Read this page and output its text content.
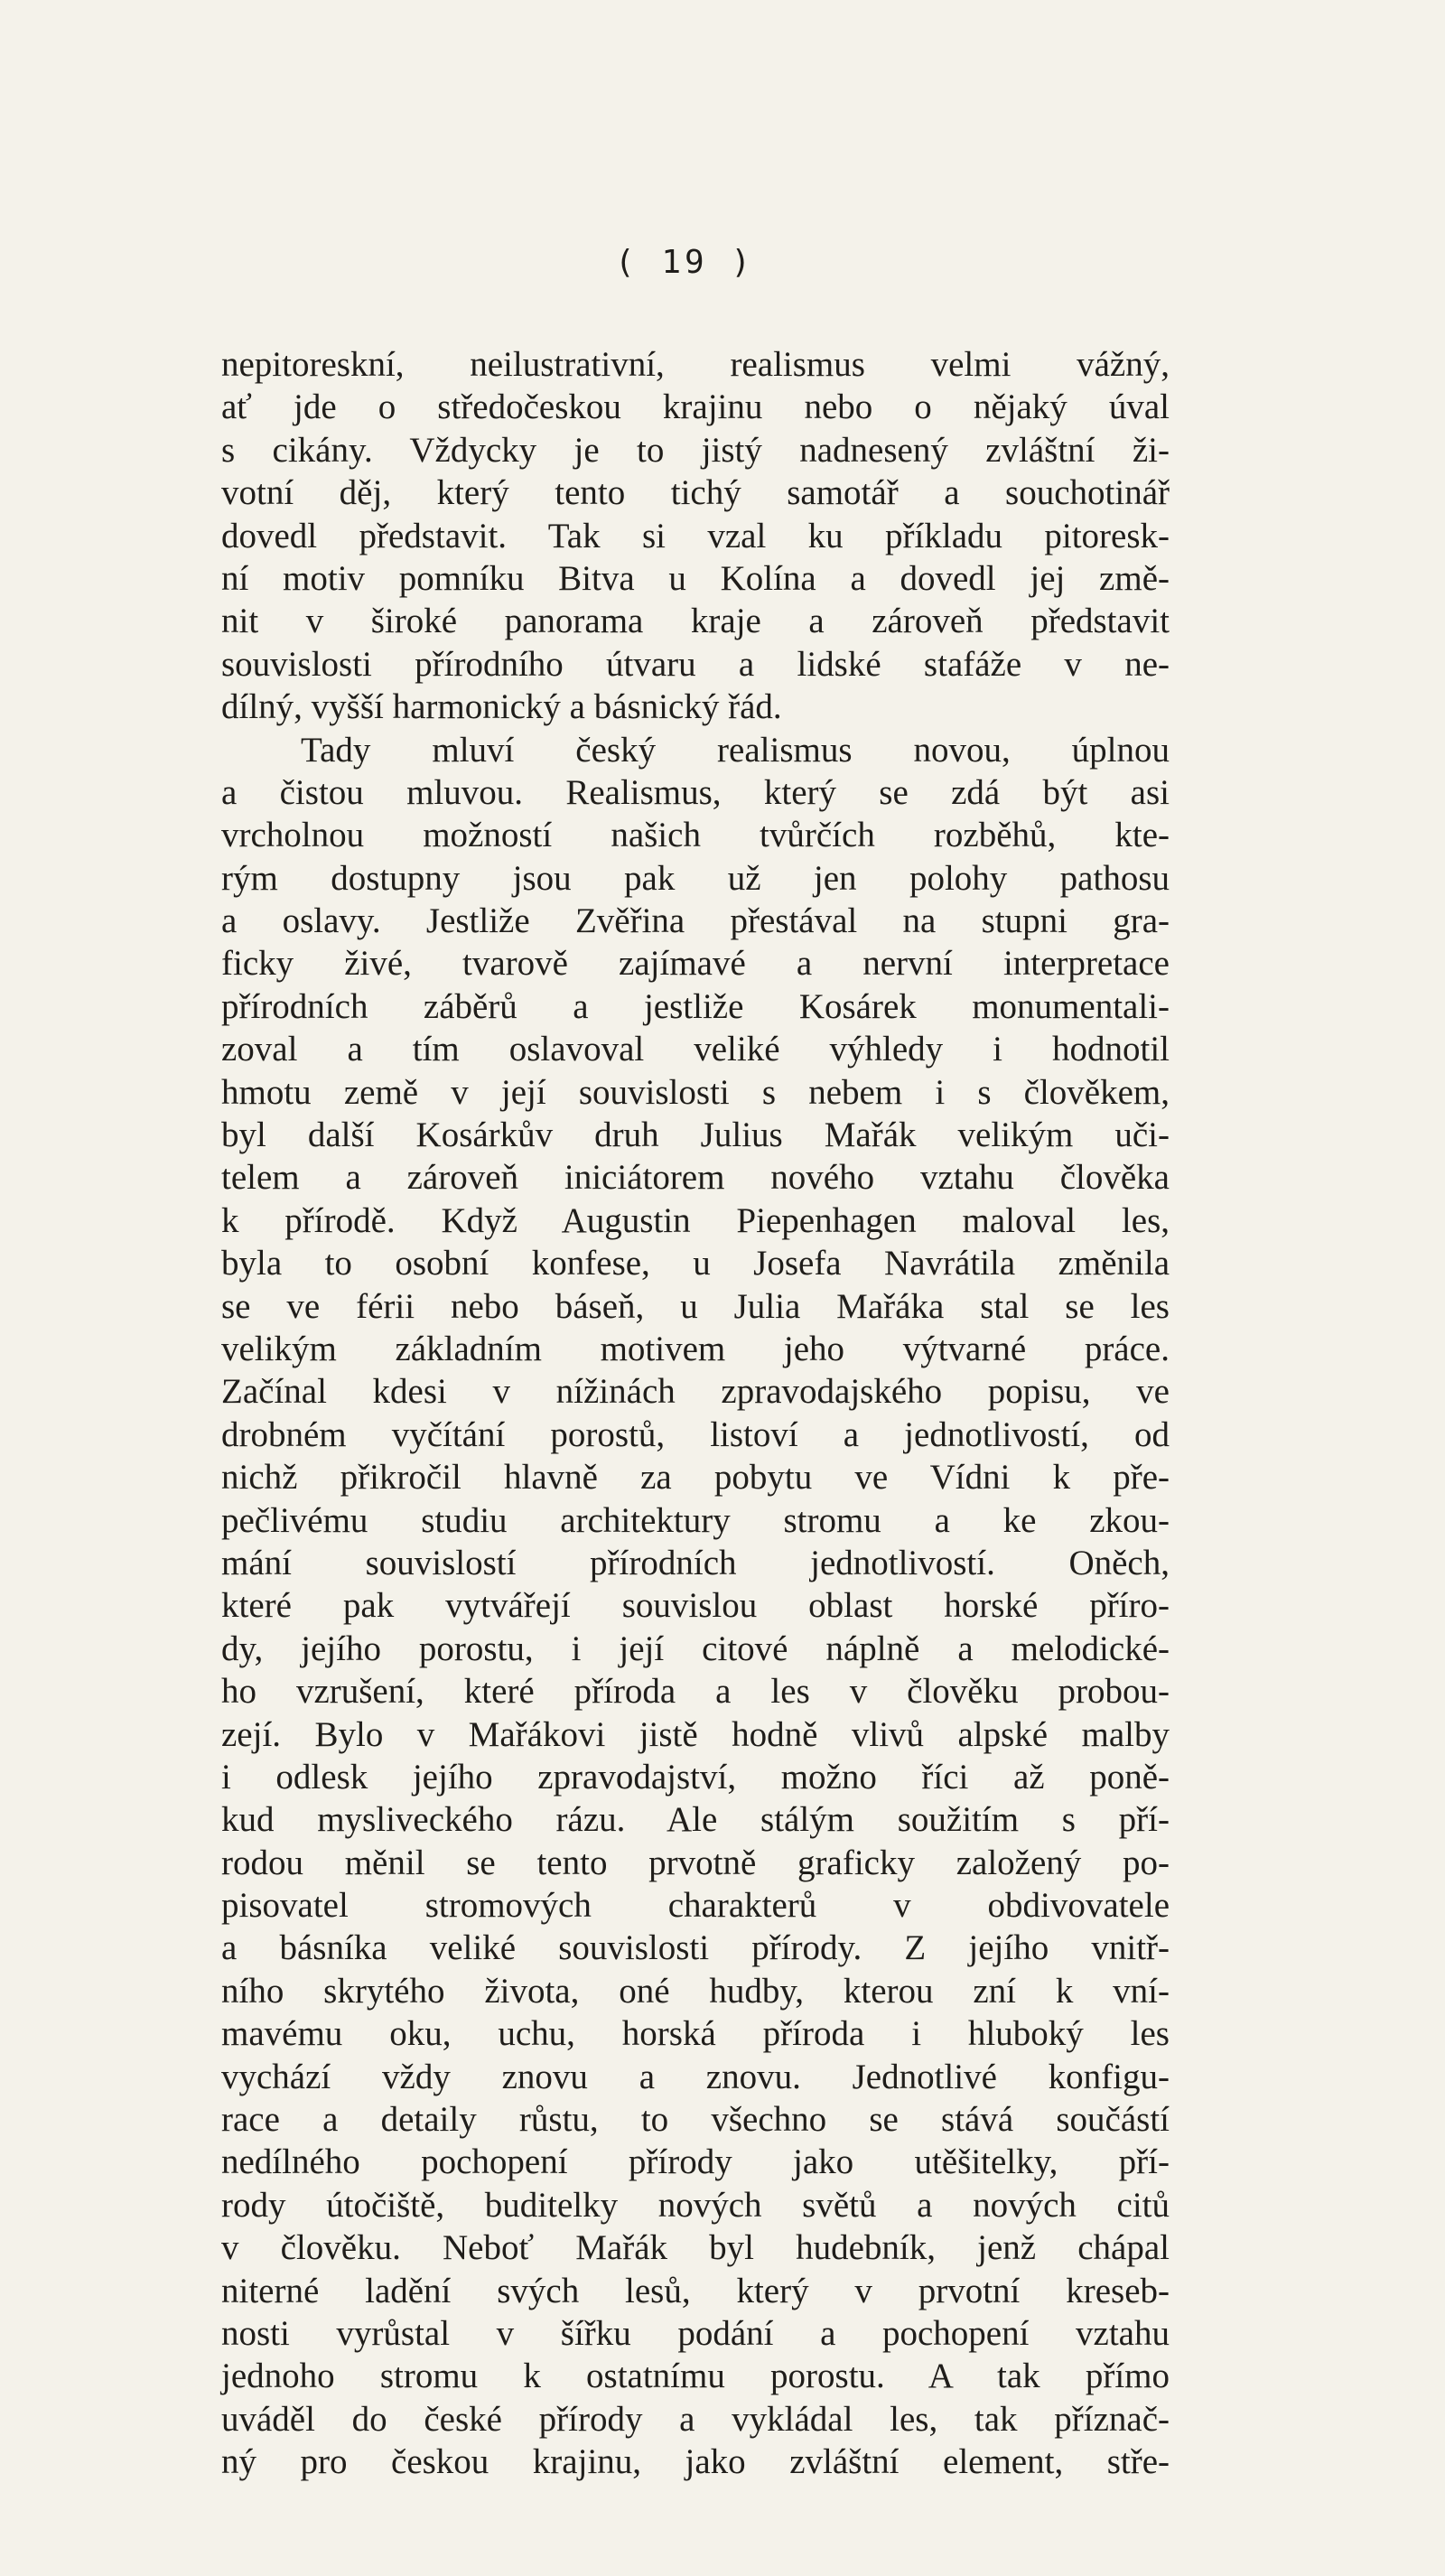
( 19 )
nepitoreskní, neilustrativní, realismus velmi vážný,
ať jde o středočeskou krajinu nebo o nějaký úval
s cikány. Vždycky je to jistý nadnesený zvláštní ži-
votní děj, který tento tichý samotář a souchotinář
dovedl představit. Tak si vzal ku příkladu pitoresk-
ní motiv pomníku Bitva u Kolína a dovedl jej změ-
nit v široké panorama kraje a zároveň představit
souvislosti přírodního útvaru a lidské stafáže v ne-
dílný, vyšší harmonický a básnický řád.
Tady mluví český realismus novou, úplnou
a čistou mluvou. Realismus, který se zdá být asi
vrcholnou možností našich tvůrčích rozběhů, kte-
rým dostupny jsou pak už jen polohy pathosu
a oslavy. Jestliže Zvěřina přestával na stupni gra-
ficky živé, tvarově zajímavé a nervní interpretace
přírodních záběrů a jestliže Kosárek monumentali-
zoval a tím oslavoval veliké výhledy i hodnotil
hmotu země v její souvislosti s nebem i s člověkem,
byl další Kosárkův druh Julius Mařák velikým uči-
telem a zároveň iniciátorem nového vztahu člověka
k přírodě. Když Augustin Piepenhagen maloval les,
byla to osobní konfese, u Josefa Navrátila změnila
se ve férii nebo báseň, u Julia Mařáka stal se les
velikým základním motivem jeho výtvarné práce.
Začínal kdesi v nížinách zpravodajského popisu, ve
drobném vyčítání porostů, listoví a jednotlivostí, od
nichž přikročil hlavně za pobytu ve Vídni k pře-
pečlivému studiu architektury stromu a ke zkou-
mání souvislostí přírodních jednotlivostí. Oněch,
které pak vytvářejí souvislou oblast horské příro-
dy, jejího porostu, i její citové náplně a melodické-
ho vzrušení, které příroda a les v člověku probou-
zejí. Bylo v Mařákovi jistě hodně vlivů alpské malby
i odlesk jejího zpravodajství, možno říci až poně-
kud mysliveckého rázu. Ale stálým soužitím s pří-
rodou měnil se tento prvotně graficky založený po-
pisovatel stromových charakterů v obdivovatele
a básníka veliké souvislosti přírody. Z jejího vnitř-
ního skrytého života, oné hudby, kterou zní k vní-
mavému oku, uchu, horská příroda i hluboký les
vychází vždy znovu a znovu. Jednotlivé konfigu-
race a detaily růstu, to všechno se stává součástí
nedílného pochopení přírody jako utěšitelky, pří-
rody útočiště, buditelky nových světů a nových citů
v člověku. Neboť Mařák byl hudebník, jenž chápal
niterné ladění svých lesů, který v prvotní kreseb-
nosti vyrůstal v šířku podání a pochopení vztahu
jednoho stromu k ostatnímu porostu. A tak přímo
uváděl do české přírody a vykládal les, tak příznač-
ný pro českou krajinu, jako zvláštní element, stře-
